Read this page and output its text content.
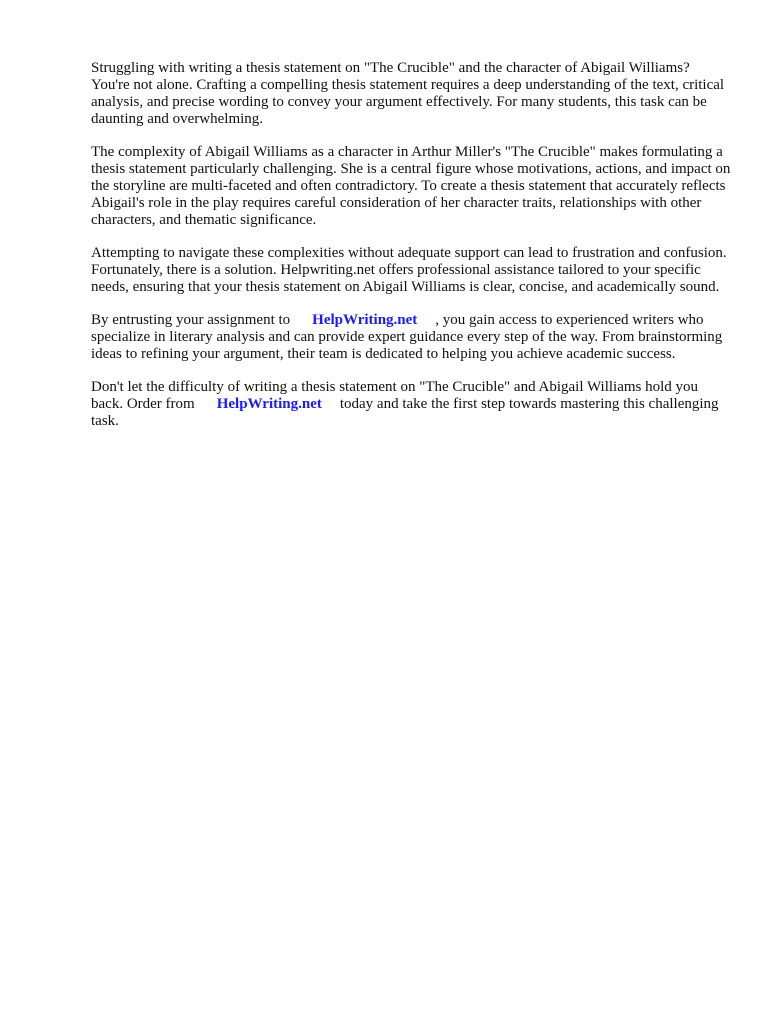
Struggling with writing a thesis statement on "The Crucible" and the character of Abigail Williams? You're not alone. Crafting a compelling thesis statement requires a deep understanding of the text, critical analysis, and precise wording to convey your argument effectively. For many students, this task can be daunting and overwhelming.

The complexity of Abigail Williams as a character in Arthur Miller's "The Crucible" makes formulating a thesis statement particularly challenging. She is a central figure whose motivations, actions, and impact on the storyline are multi-faceted and often contradictory. To create a thesis statement that accurately reflects Abigail's role in the play requires careful consideration of her character traits, relationships with other characters, and thematic significance.

Attempting to navigate these complexities without adequate support can lead to frustration and confusion. Fortunately, there is a solution. Helpwriting.net offers professional assistance tailored to your specific needs, ensuring that your thesis statement on Abigail Williams is clear, concise, and academically sound.

By entrusting your assignment to HelpWriting.net , you gain access to experienced writers who specialize in literary analysis and can provide expert guidance every step of the way. From brainstorming ideas to refining your argument, their team is dedicated to helping you achieve academic success.

Don't let the difficulty of writing a thesis statement on "The Crucible" and Abigail Williams hold you back. Order from HelpWriting.net today and take the first step towards mastering this challenging task.
